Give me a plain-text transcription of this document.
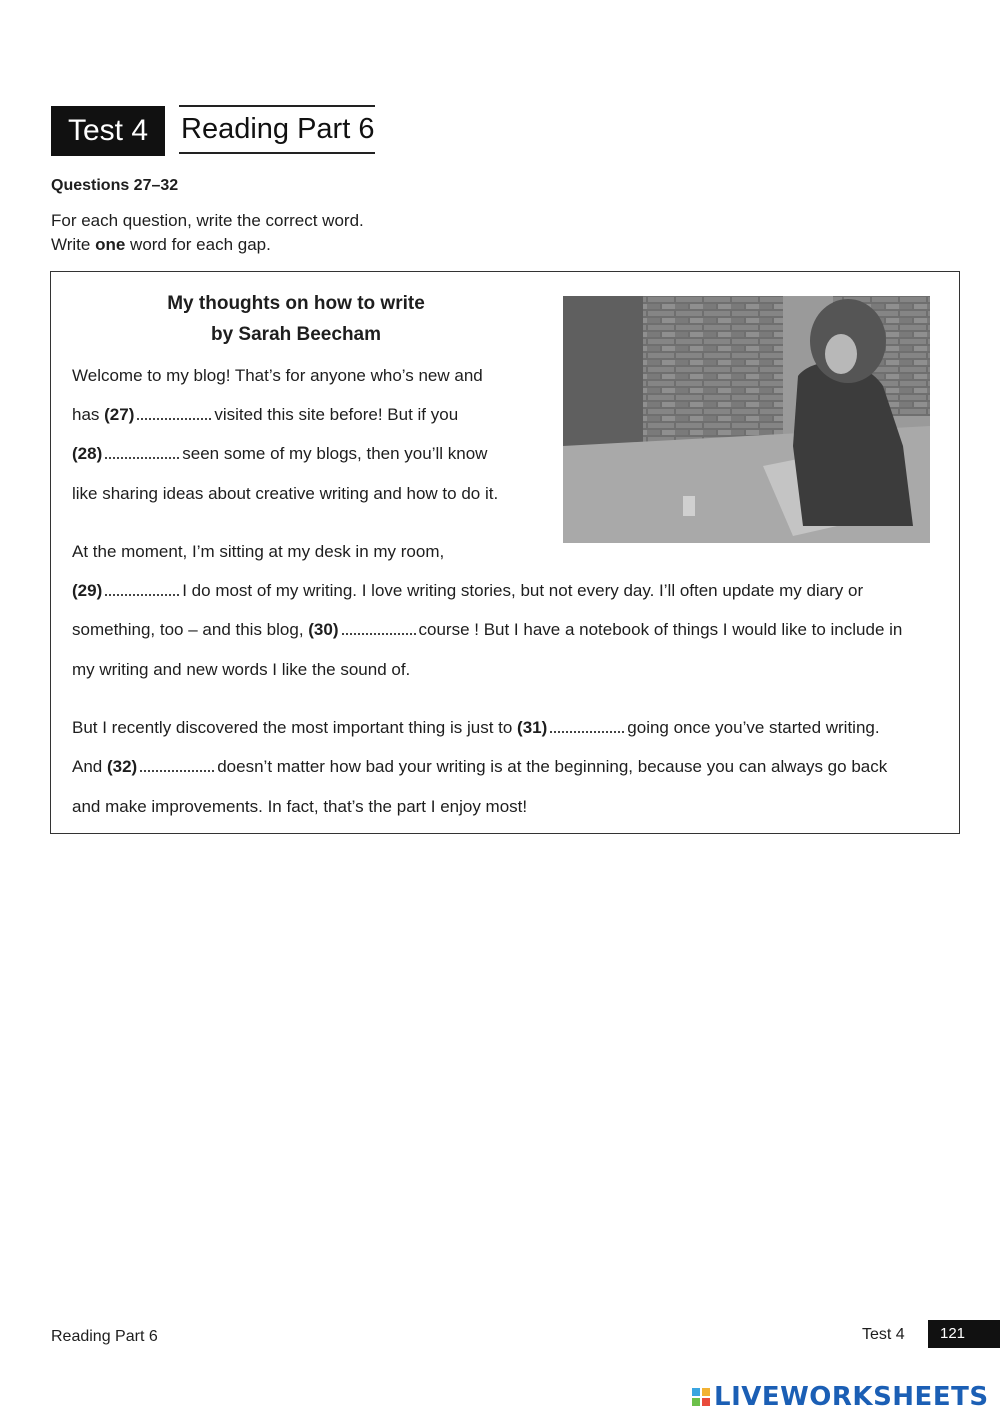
Test 4	Reading Part 6
Questions 27–32
For each question, write the correct word.
Write one word for each gap.
My thoughts on how to write
by Sarah Beecham
Welcome to my blog! That’s for anyone who’s new and
has (27)	visited this site before! But if you
(28)	seen some of my blogs, then you’ll know
like sharing ideas about creative writing and how to do it.
At the moment, I’m sitting at my desk in my room,
(29)	I do most of my writing. I love writing stories, but not every day. I’ll often update my diary or
something, too – and this blog, (30)	course ! But I have a notebook of things I would like to include in
my writing and new words I like the sound of.
But I recently discovered the most important thing is just to (31)	going once you’ve started writing.
And (32)	doesn’t matter how bad your writing is at the beginning, because you can always go back
and make improvements. In fact, that’s the part I enjoy most!
Reading Part 6	Test 4	121
LIVEWORKSHEETS
